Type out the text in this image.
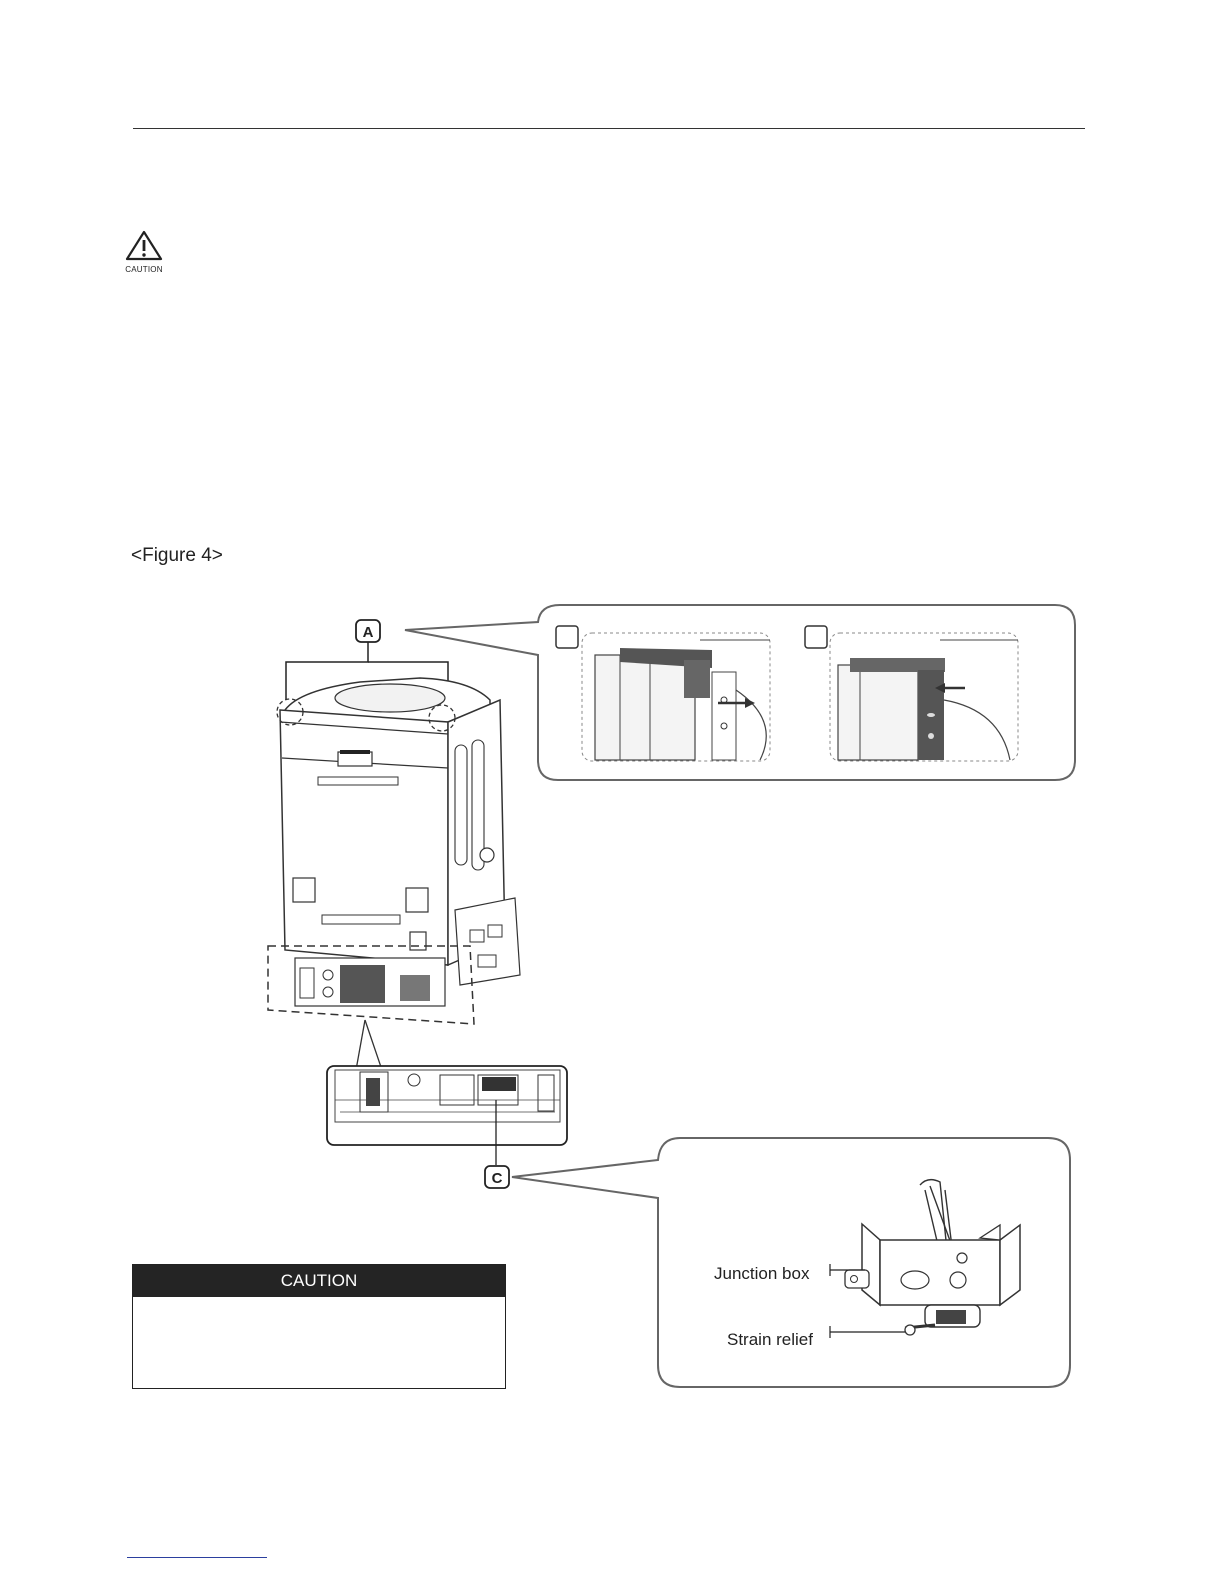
CAUTION
<Figure 4>
A
C
Junction box
Strain relief
CAUTION
